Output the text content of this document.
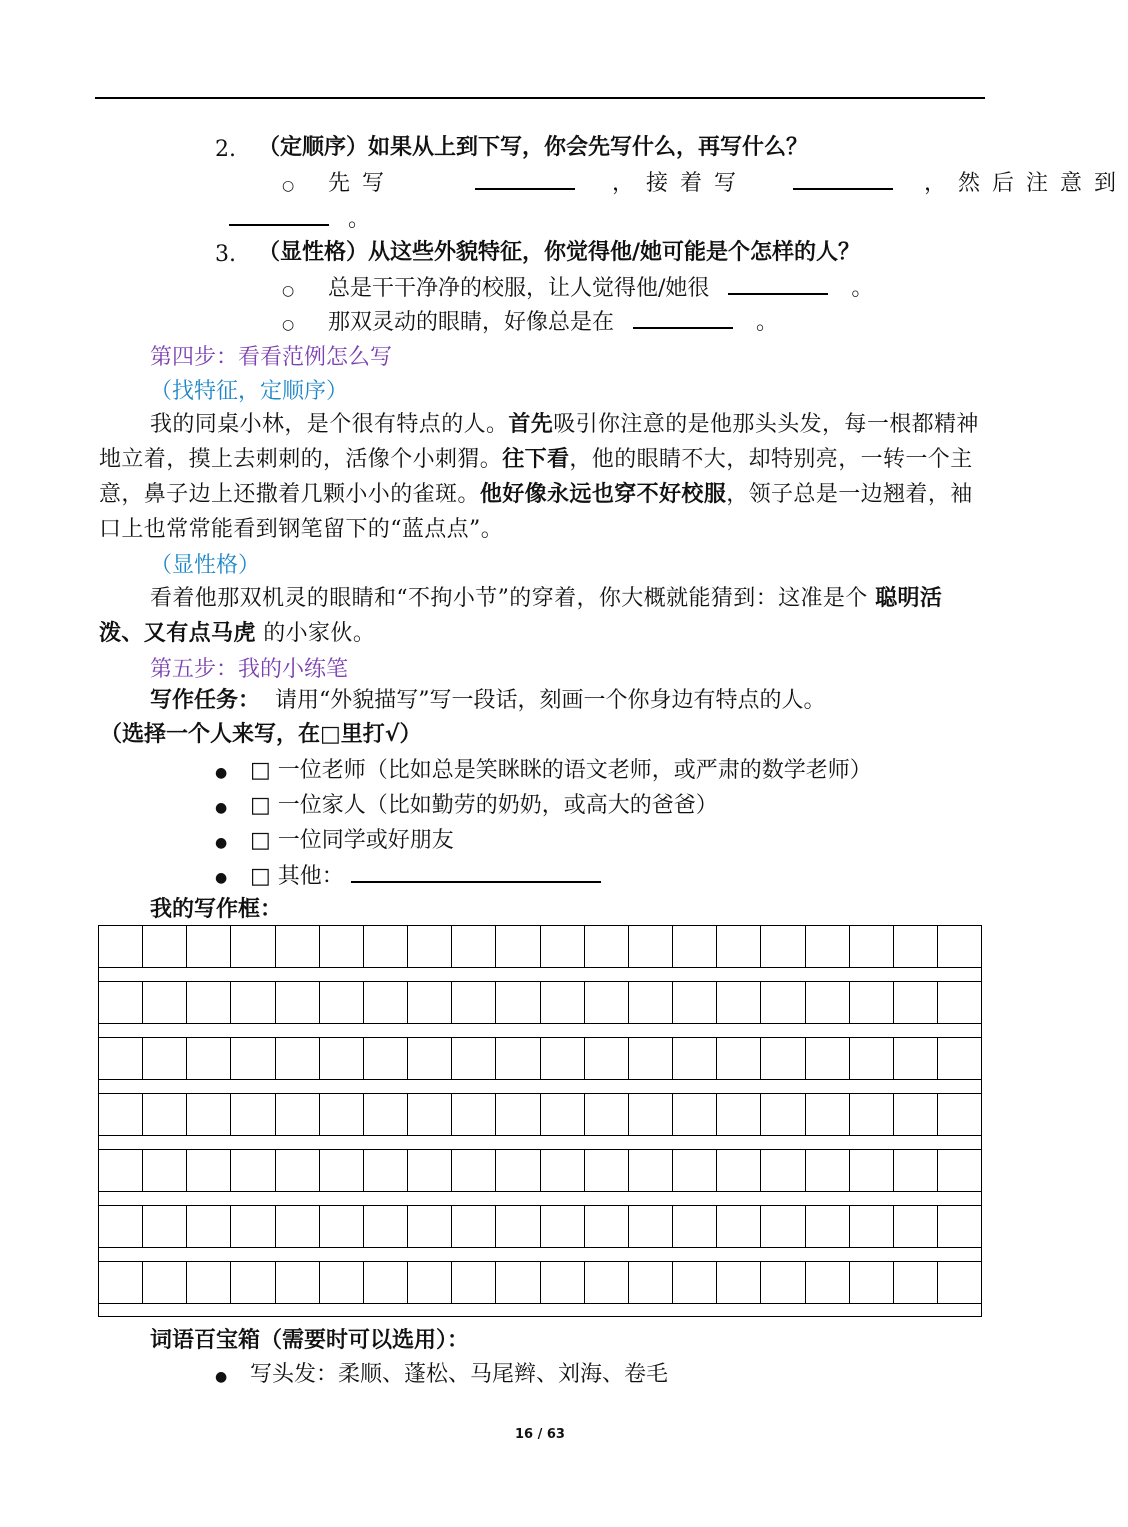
2. （定顺序）如果从上到下写，你会先写什么，再写什么？
○ 先写	，接着写	，然后注意到
。
3. （显性格）从这些外貌特征，你觉得他/她可能是个怎样的人？
○ 总是干干净净的校服，让人觉得他/她很	。
○ 那双灵动的眼睛，好像总是在	。
第四步：看看范例怎么写
（找特征，定顺序）
我的同桌小林，是个很有特点的人。首先吸引你注意的是他那头头发，每一根都精神地立着，摸上去刺刺的，活像个小刺猬。往下看，他的眼睛不大，却特别亮，一转一个主意，鼻子边上还撒着几颗小小的雀斑。他好像永远也穿不好校服，领子总是一边翘着，袖口上也常常能看到钢笔留下的“蓝点点”。
（显性格）
看着他那双机灵的眼睛和“不拘小节”的穿着，你大概就能猜到：这准是个 聪明活泼、又有点马虎 的小家伙。
第五步：我的小练笔
写作任务： 请用“外貌描写”写一段话，刻画一个你身边有特点的人。
（选择一个人来写，在□里打√）
● □ 一位老师（比如总是笑眯眯的语文老师，或严肃的数学老师）
● □ 一位家人（比如勤劳的奶奶，或高大的爸爸）
● □ 一位同学或好朋友
● □ 其他：
我的写作框：
词语百宝箱（需要时可以选用）：
● 写头发：柔顺、蓬松、马尾辫、刘海、卷毛
16 / 63
